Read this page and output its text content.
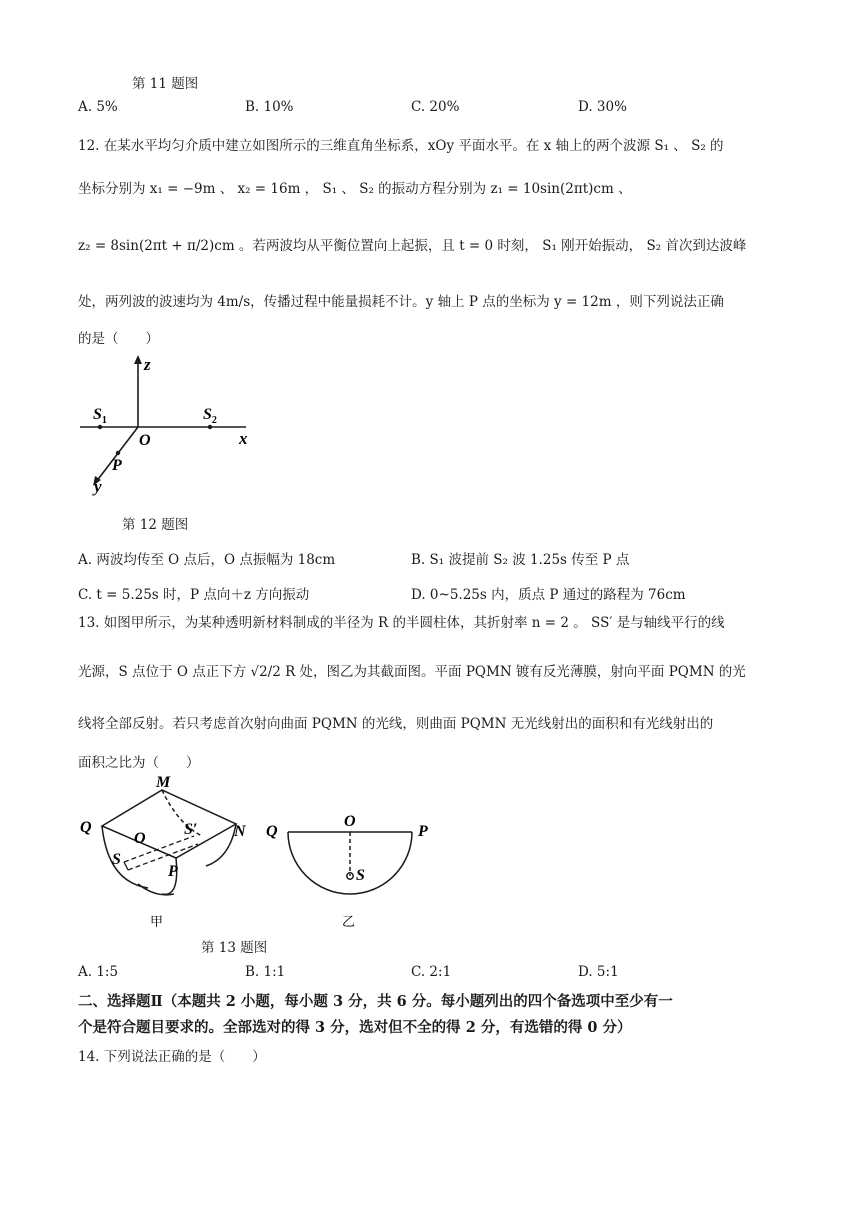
第 11 题图
A. 5%	B. 10%	C. 20%	D. 30%
12. 在某水平均匀介质中建立如图所示的三维直角坐标系，xOy 平面水平。在 x 轴上的两个波源 S₁ 、 S₂ 的
坐标分别为 x₁ = −9m 、 x₂ = 16m ， S₁ 、 S₂ 的振动方程分别为 z₁ = 10sin(2πt)cm 、
z₂ = 8sin(2πt + π/2)cm 。若两波均从平衡位置向上起振，且 t = 0 时刻， S₁ 刚开始振动， S₂ 首次到达波峰
处，两列波的波速均为 4m/s，传播过程中能量损耗不计。y 轴上 P 点的坐标为 y = 12m ，则下列说法正确
的是（　　）
z
x
y
O
P
$S_1$	$S_2$
第 12 题图
A. 两波均传至 O 点后，O 点振幅为 18cm	B. S₁ 波提前 S₂ 波 1.25s 传至 P 点
C. t = 5.25s 时，P 点向＋z 方向振动	D. 0~5.25s 内，质点 P 通过的路程为 76cm
13. 如图甲所示，为某种透明新材料制成的半径为 R 的半圆柱体，其折射率 n = 2 。 SS′ 是与轴线平行的线
光源，S 点位于 O 点正下方 √2/2 R 处，图乙为其截面图。平面 PQMN 镀有反光薄膜，射向平面 PQMN 的光
线将全部反射。若只考虑首次射向曲面 PQMN 的光线，则曲面 PQMN 无光线射出的面积和有光线射出的
面积之比为（　　）
M
Q
O
S′ N
S
P
甲
Q
O
P
S
乙
第 13 题图
A. 1:5	B. 1:1	C. 2:1	D. 5:1
二、选择题Ⅱ（本题共 2 小题，每小题 3 分，共 6 分。每小题列出的四个备选项中至少有一
个是符合题目要求的。全部选对的得 3 分，选对但不全的得 2 分，有选错的得 0 分）
14. 下列说法正确的是（　　）
